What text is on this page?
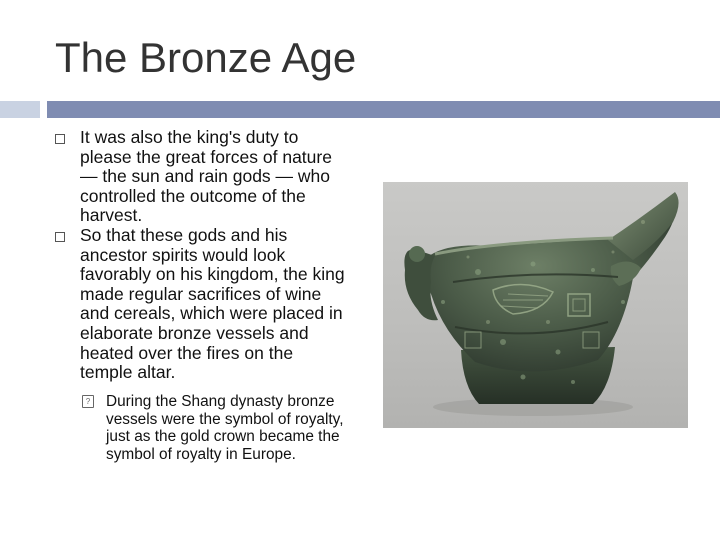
The Bronze Age
It was also the king's duty to please the great forces of nature — the sun and rain gods — who controlled the outcome of the harvest.
So that these gods and his ancestor spirits would look favorably on his kingdom, the king made regular sacrifices of wine and cereals, which were placed in elaborate bronze vessels and heated over the fires on the temple altar.
? During the Shang dynasty bronze vessels were the symbol of royalty, just as the gold crown became the symbol of royalty in Europe.
